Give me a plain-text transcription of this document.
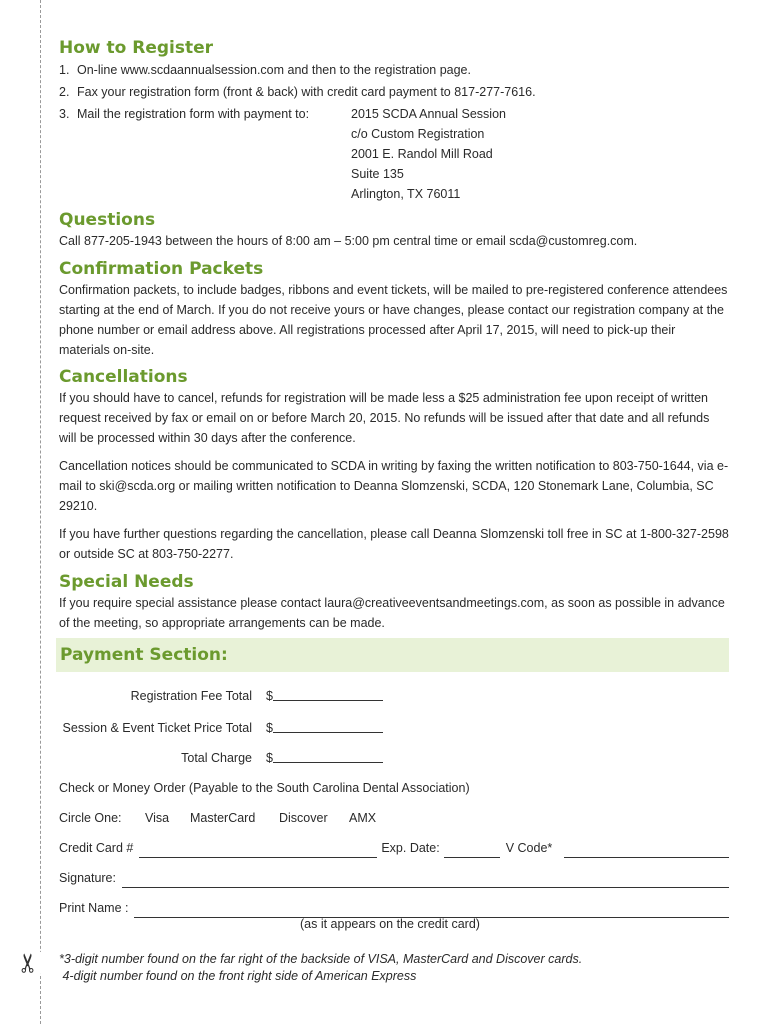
✂
How to Register
1. On-line www.scdaannualsession.com and then to the registration page.
2. Fax your registration form (front & back) with credit card payment to 817-277-7616.
3. Mail the registration form with payment to:	2015 SCDA Annual Session
c/o Custom Registration
2001 E. Randol Mill Road
Suite 135
Arlington, TX 76011
Questions

Call 877-205-1943 between the hours of 8:00 am – 5:00 pm central time or email scda@customreg.com.

Confirmation Packets

Confirmation packets, to include badges, ribbons and event tickets, will be mailed to pre-registered conference attendees starting at the end of March. If you do not receive yours or have changes, please contact our registration company at the phone number or email address above. All registrations processed after April 17, 2015, will need to pick-up their materials on-site.

Cancellations

If you should have to cancel, refunds for registration will be made less a $25 administration fee upon receipt of written request received by fax or email on or before March 20, 2015. No refunds will be issued after that date and all refunds will be processed within 30 days after the conference.

Cancellation notices should be communicated to SCDA in writing by faxing the written notification to 803-750-1644, via e-mail to ski@scda.org or mailing written notification to Deanna Slomzenski, SCDA, 120 Stonemark Lane, Columbia, SC 29210.

If you have further questions regarding the cancellation, please call Deanna Slomzenski toll free in SC at 1-800-327-2598 or outside SC at 803-750-2277.

Special Needs

If you require special assistance please contact laura@creativeeventsandmeetings.com, as soon as possible in advance of the meeting, so appropriate arrangements can be made.

Payment Section:
Registration Fee Total	$
Session & Event Ticket Price Total	$
Total Charge	$
Check or Money Order (Payable to the South Carolina Dental Association)
Circle One:	Visa	MasterCard	Discover	AMX
Credit Card #	Exp. Date:	V Code*
Signature:
Print Name :
(as it appears on the credit card)
*3-digit number found on the far right of the backside of VISA, MasterCard and Discover cards.
4-digit number found on the front right side of American Express
